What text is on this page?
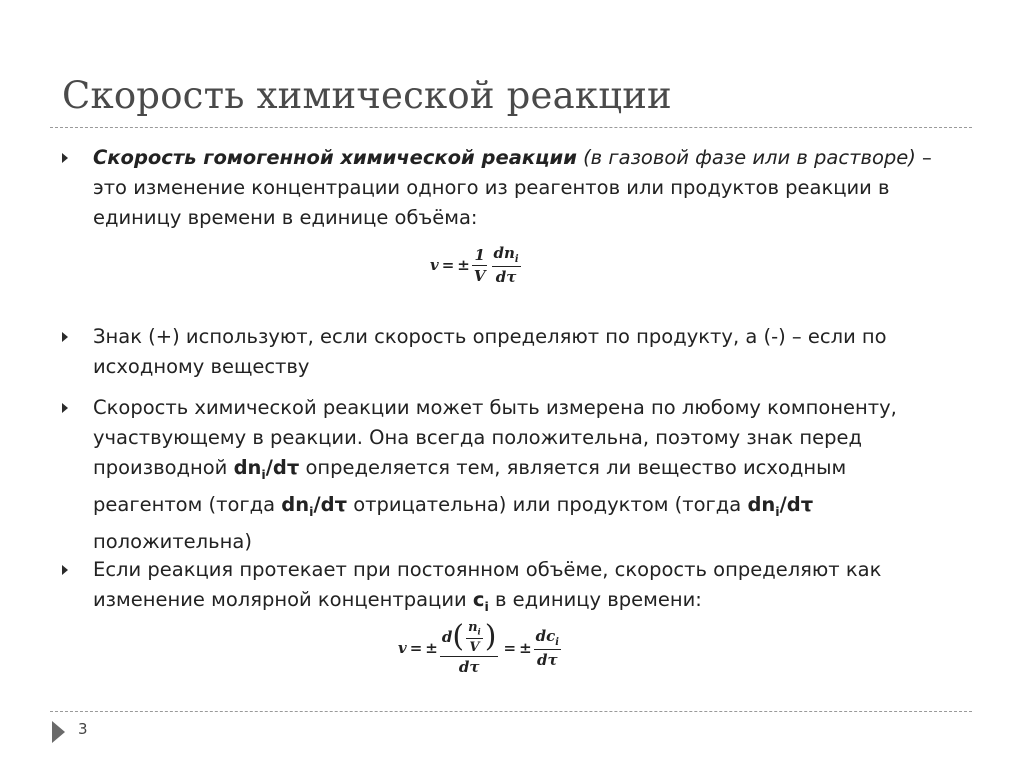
Скорость химической реакции
Скорость гомогенной химической реакции (в газовой фазе или в растворе) – это изменение концентрации одного из реагентов или продуктов реакции в единицу времени в единице объёма:
v = ± $\frac{1}{V} \frac{dn_i}{d\tau}$
Знак (+) используют, если скорость определяют по продукту, а (-) – если по исходному веществу
Скорость химической реакции может быть измерена по любому компоненту, участвующему в реакции. Она всегда положительна, поэтому знак перед производной $dn_i/d\tau$ определяется тем, является ли вещество исходным реагентом (тогда $dn_i/d\tau$ отрицательна) или продуктом (тогда $dn_i/d\tau$ положительна)
Если реакция протекает при постоянном объёме, скорость определяют как изменение молярной концентрации $c_i$ в единицу времени:
v = ±
d ( $\frac{n_i}{V}$ )
dτ
= ± $\frac{dc_i}{d\tau}$
3
